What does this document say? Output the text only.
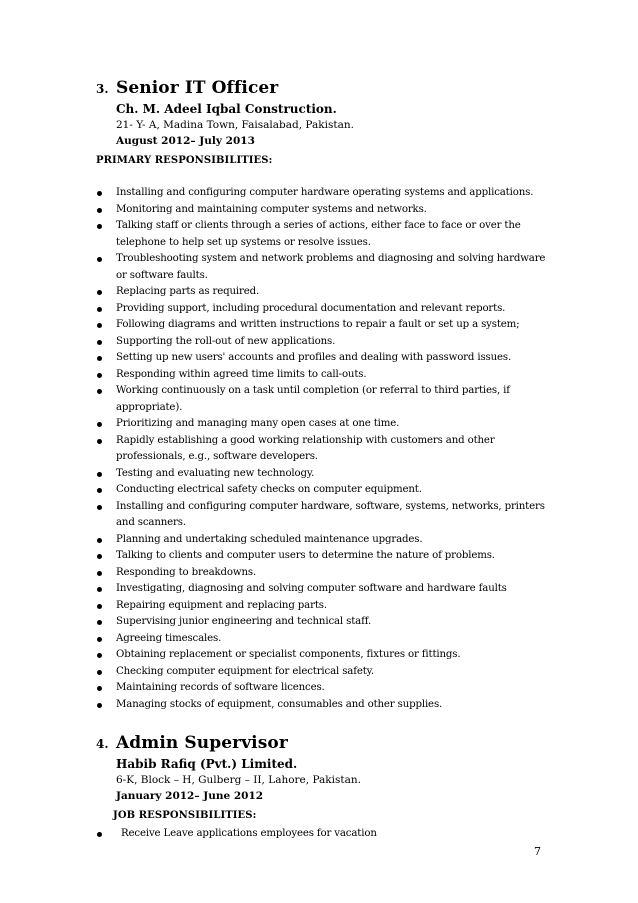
3. Senior IT Officer
Ch. M. Adeel Iqbal Construction.
21- Y- A, Madina Town, Faisalabad, Pakistan.
August 2012– July 2013
PRIMARY RESPONSIBILITIES:
Installing and configuring computer hardware operating systems and applications.
Monitoring and maintaining computer systems and networks.
Talking staff or clients through a series of actions, either face to face or over the telephone to help set up systems or resolve issues.
Troubleshooting system and network problems and diagnosing and solving hardware or software faults.
Replacing parts as required.
Providing support, including procedural documentation and relevant reports.
Following diagrams and written instructions to repair a fault or set up a system;
Supporting the roll-out of new applications.
Setting up new users' accounts and profiles and dealing with password issues.
Responding within agreed time limits to call-outs.
Working continuously on a task until completion (or referral to third parties, if appropriate).
Prioritizing and managing many open cases at one time.
Rapidly establishing a good working relationship with customers and other professionals, e.g., software developers.
Testing and evaluating new technology.
Conducting electrical safety checks on computer equipment.
Installing and configuring computer hardware, software, systems, networks, printers and scanners.
Planning and undertaking scheduled maintenance upgrades.
Talking to clients and computer users to determine the nature of problems.
Responding to breakdowns.
Investigating, diagnosing and solving computer software and hardware faults
Repairing equipment and replacing parts.
Supervising junior engineering and technical staff.
Agreeing timescales.
Obtaining replacement or specialist components, fixtures or fittings.
Checking computer equipment for electrical safety.
Maintaining records of software licences.
Managing stocks of equipment, consumables and other supplies.
4. Admin Supervisor
Habib Rafiq (Pvt.) Limited.
6-K, Block – H, Gulberg – II, Lahore, Pakistan.
January 2012– June 2012
JOB RESPONSIBILITIES:
Receive Leave applications employees for vacation
7
